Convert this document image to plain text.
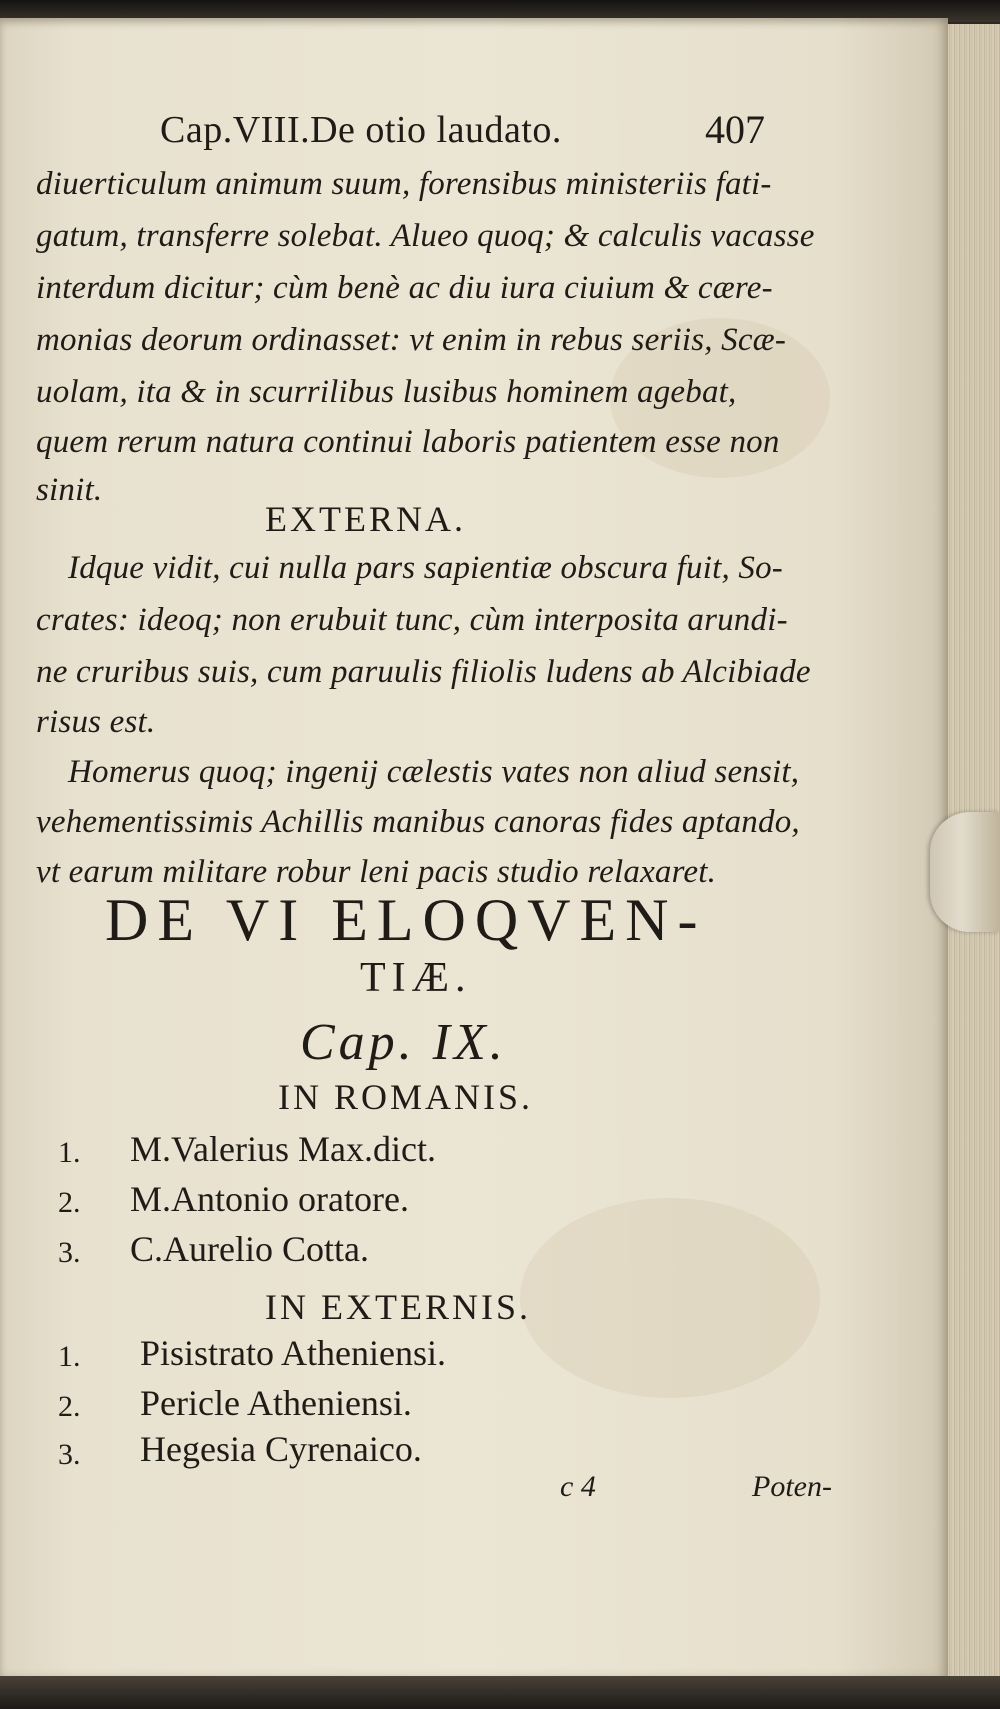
Cap.VIII.De otio laudato.	407
diuerticulum animum suum, forensibus ministeriis fati-
gatum, transferre solebat. Alueo quoq; & calculis vacasse
interdum dicitur; cùm benè ac diu iura ciuium & cære-
monias deorum ordinasset: vt enim in rebus seriis, Scæ-
uolam, ita & in scurrilibus lusibus hominem agebat,
quem rerum natura continui laboris patientem esse non
sinit.
EXTERNA.
Idque vidit, cui nulla pars sapientiæ obscura fuit, So-
crates: ideoq; non erubuit tunc, cùm interposita arundi-
ne cruribus suis, cum paruulis filiolis ludens ab Alcibiade
risus est.
Homerus quoq; ingenij cælestis vates non aliud sensit,
vehementissimis Achillis manibus canoras fides aptando,
vt earum militare robur leni pacis studio relaxaret.
DE VI ELOQVEN-
TIÆ.
Cap. IX.
IN ROMANIS.
1. M.Valerius Max.dict.
2. M.Antonio oratore.
3. C.Aurelio Cotta.
IN EXTERNIS.
1. Pisistrato Atheniensi.
2. Pericle Atheniensi.
3. Hegesia Cyrenaico.
c 4	Poten-
